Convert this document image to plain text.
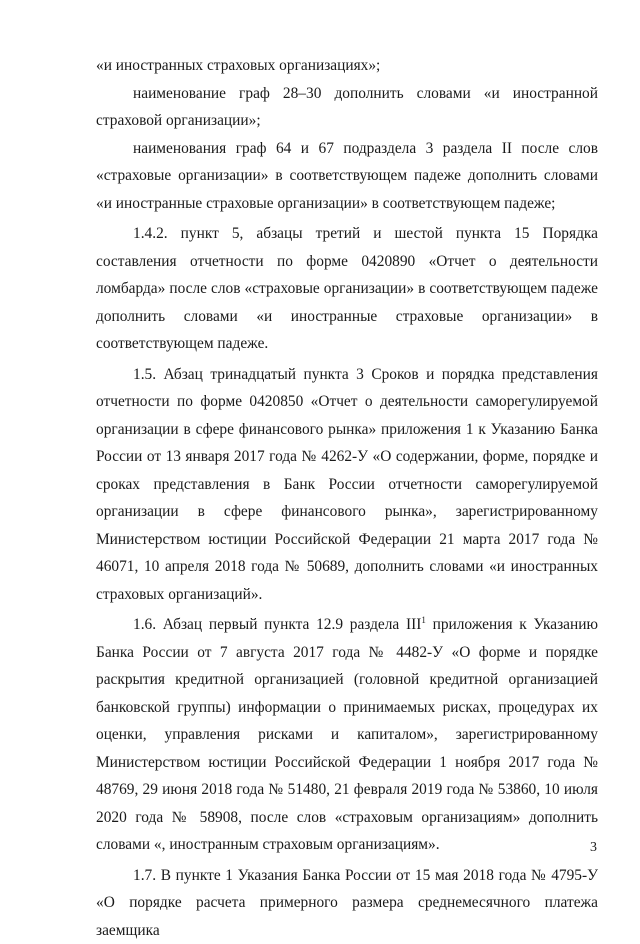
«и иностранных страховых организациях»;

наименование граф 28–30 дополнить словами «и иностранной страховой организации»;

наименования граф 64 и 67 подраздела 3 раздела II после слов «страховые организации» в соответствующем падеже дополнить словами «и иностранные страховые организации» в соответствующем падеже;

1.4.2. пункт 5, абзацы третий и шестой пункта 15 Порядка составления отчетности по форме 0420890 «Отчет о деятельности ломбарда» после слов «страховые организации» в соответствующем падеже дополнить словами «и иностранные страховые организации» в соответствующем падеже.

1.5. Абзац тринадцатый пункта 3 Сроков и порядка представления отчетности по форме 0420850 «Отчет о деятельности саморегулируемой организации в сфере финансового рынка» приложения 1 к Указанию Банка России от 13 января 2017 года № 4262-У «О содержании, форме, порядке и сроках представления в Банк России отчетности саморегулируемой организации в сфере финансового рынка», зарегистрированному Министерством юстиции Российской Федерации 21 марта 2017 года № 46071, 10 апреля 2018 года № 50689, дополнить словами «и иностранных страховых организаций».

1.6. Абзац первый пункта 12.9 раздела III$^1$ приложения к Указанию Банка России от 7 августа 2017 года № 4482-У «О форме и порядке раскрытия кредитной организацией (головной кредитной организацией банковской группы) информации о принимаемых рисках, процедурах их оценки, управления рисками и капиталом», зарегистрированному Министерством юстиции Российской Федерации 1 ноября 2017 года № 48769, 29 июня 2018 года № 51480, 21 февраля 2019 года № 53860, 10 июля 2020 года № 58908, после слов «страховым организациям» дополнить словами «, иностранным страховым организациям».

1.7. В пункте 1 Указания Банка России от 15 мая 2018 года № 4795-У «О порядке расчета примерного размера среднемесячного платежа заемщика

3
